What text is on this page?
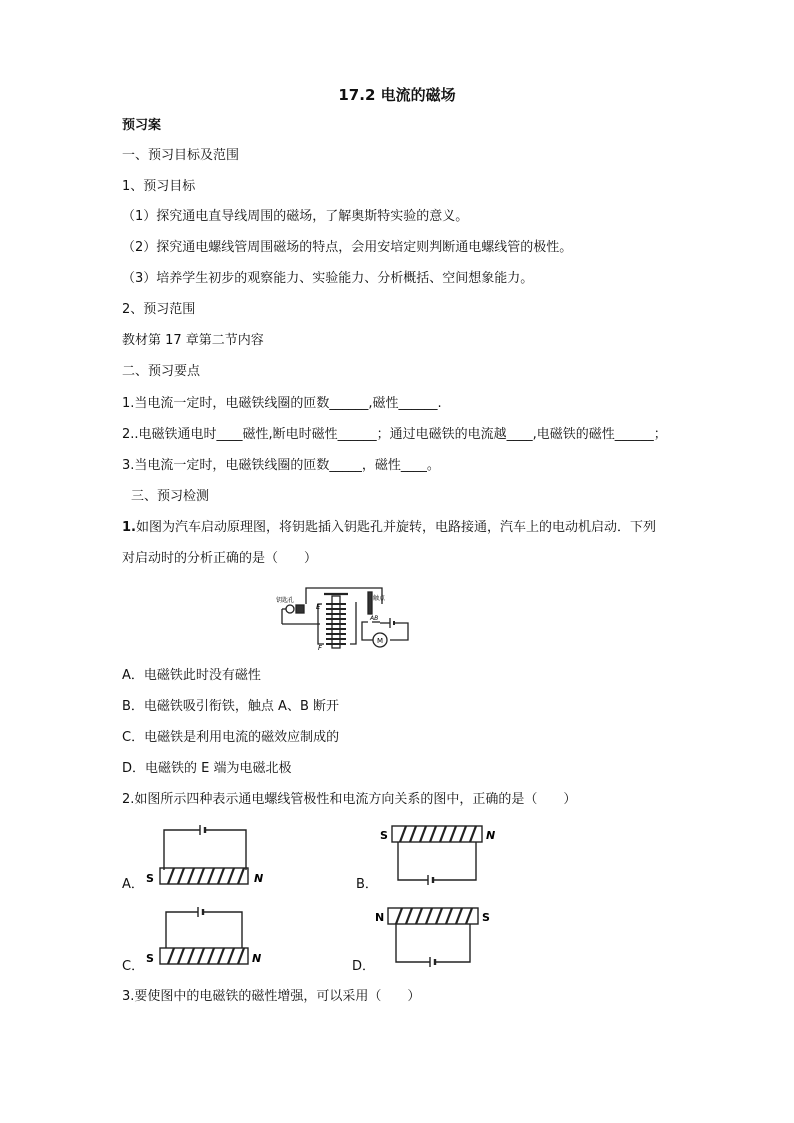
17.2 电流的磁场
预习案
一、预习目标及范围
1、预习目标
（1）探究通电直导线周围的磁场，了解奥斯特实验的意义。
（2）探究通电螺线管周围磁场的特点，会用安培定则判断通电螺线管的极性。
（3）培养学生初步的观察能力、实验能力、分析概括、空间想象能力。
2、预习范围
教材第 17 章第二节内容
二、预习要点
1.当电流一定时，电磁铁线圈的匝数______,磁性______.
2..电磁铁通电时____磁性,断电时磁性______；通过电磁铁的电流越____,电磁铁的磁性______；
3.当电流一定时，电磁铁线圈的匝数_____，磁性____。
三、预习检测
1.如图为汽车启动原理图，将钥匙插入钥匙孔并旋转，电路接通，汽车上的电动机启动．下列
对启动时的分析正确的是（　　）
钥匙孔
E
F
触点
AB
M
A．电磁铁此时没有磁性
B．电磁铁吸引衔铁，触点 A、B 断开
C．电磁铁是利用电流的磁效应制成的
D．电磁铁的 E 端为电磁北极
2.如图所示四种表示通电螺线管极性和电流方向关系的图中，正确的是（　　）
A．	B．
C．	D．
S	N
S	N
S	N
N	S
3.要使图中的电磁铁的磁性增强，可以采用（　　）
